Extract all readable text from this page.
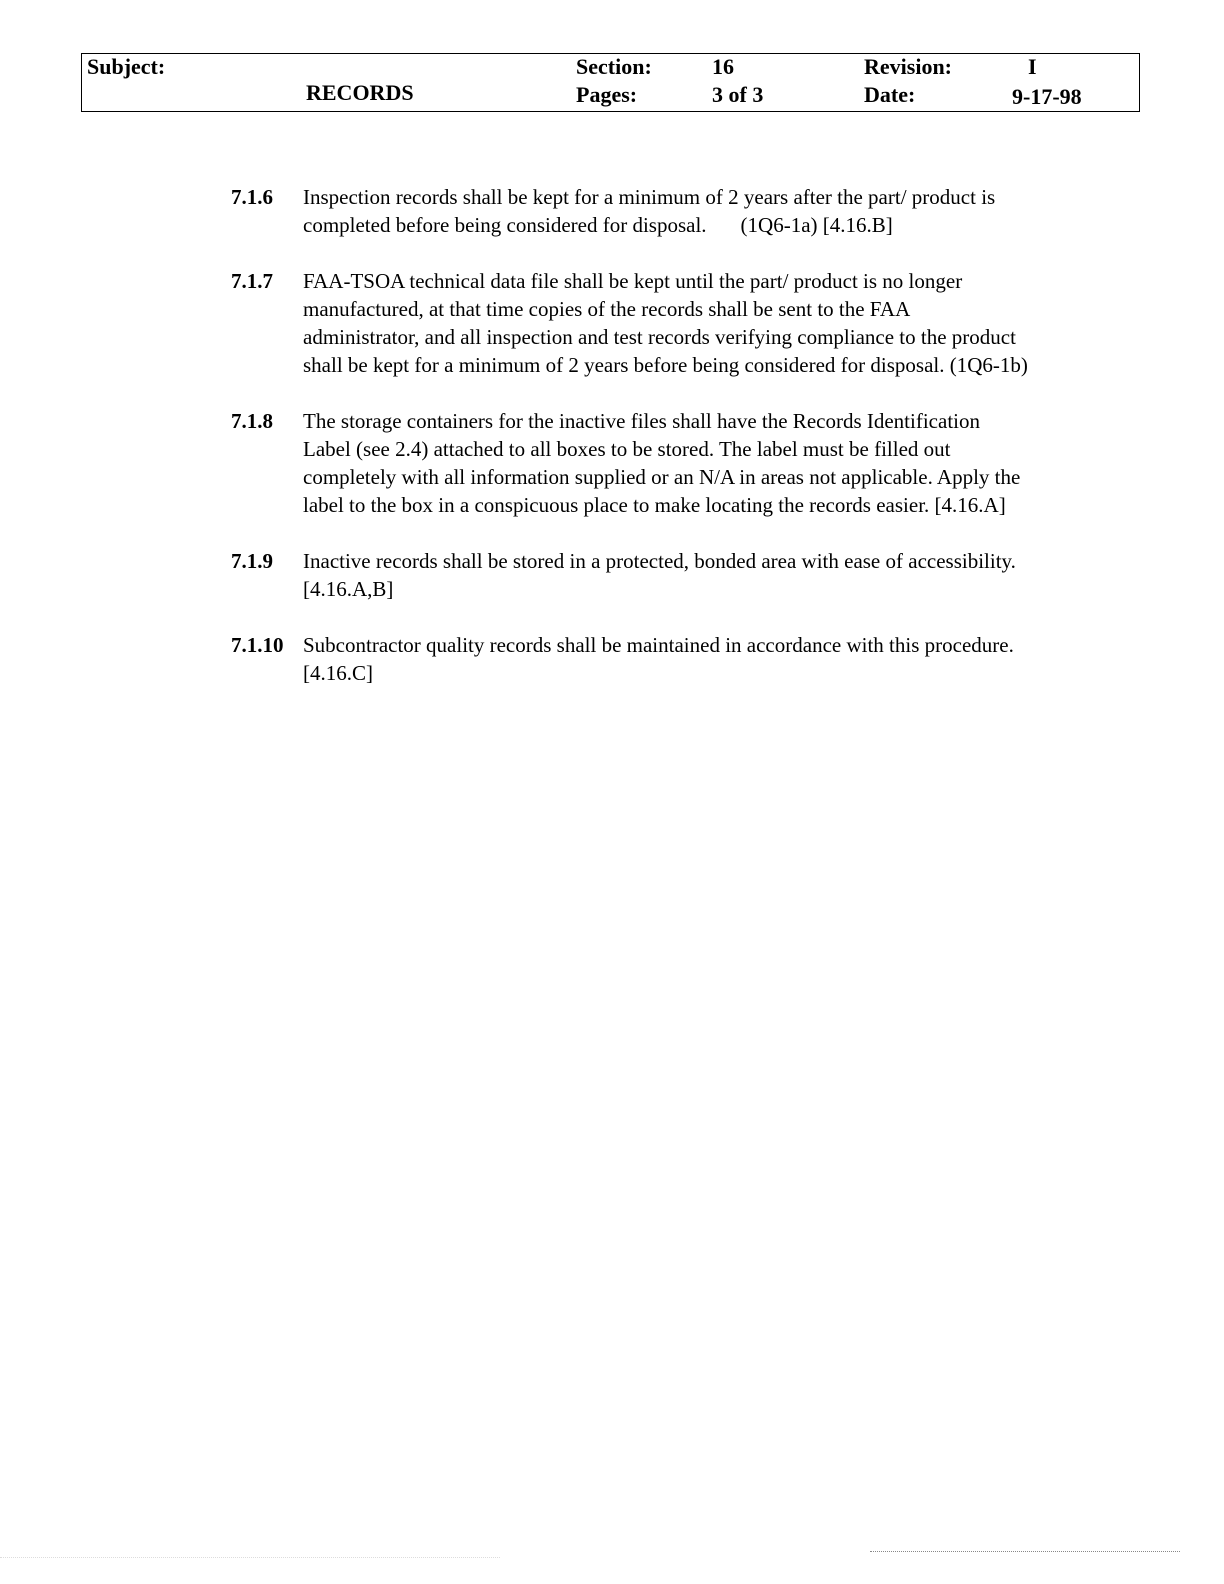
Subject:
RECORDS
Section:	16
Pages:	3 of 3
Revision:	I
Date:	9-17-98
7.1.6 Inspection records shall be kept for a minimum of 2 years after the part/ product is
completed before being considered for disposal. (1Q6-1a) [4.16.B]
7.1.7 FAA-TSOA technical data file shall be kept until the part/ product is no longer
manufactured, at that time copies of the records shall be sent to the FAA
administrator, and all inspection and test records verifying compliance to the product
shall be kept for a minimum of 2 years before being considered for disposal. (1Q6-1b)
7.1.8 The storage containers for the inactive files shall have the Records Identification
Label (see 2.4) attached to all boxes to be stored. The label must be filled out
completely with all information supplied or an N/A in areas not applicable. Apply the
label to the box in a conspicuous place to make locating the records easier. [4.16.A]
7.1.9 Inactive records shall be stored in a protected, bonded area with ease of accessibility.
[4.16.A,B]
7.1.10 Subcontractor quality records shall be maintained in accordance with this procedure.
[4.16.C]
